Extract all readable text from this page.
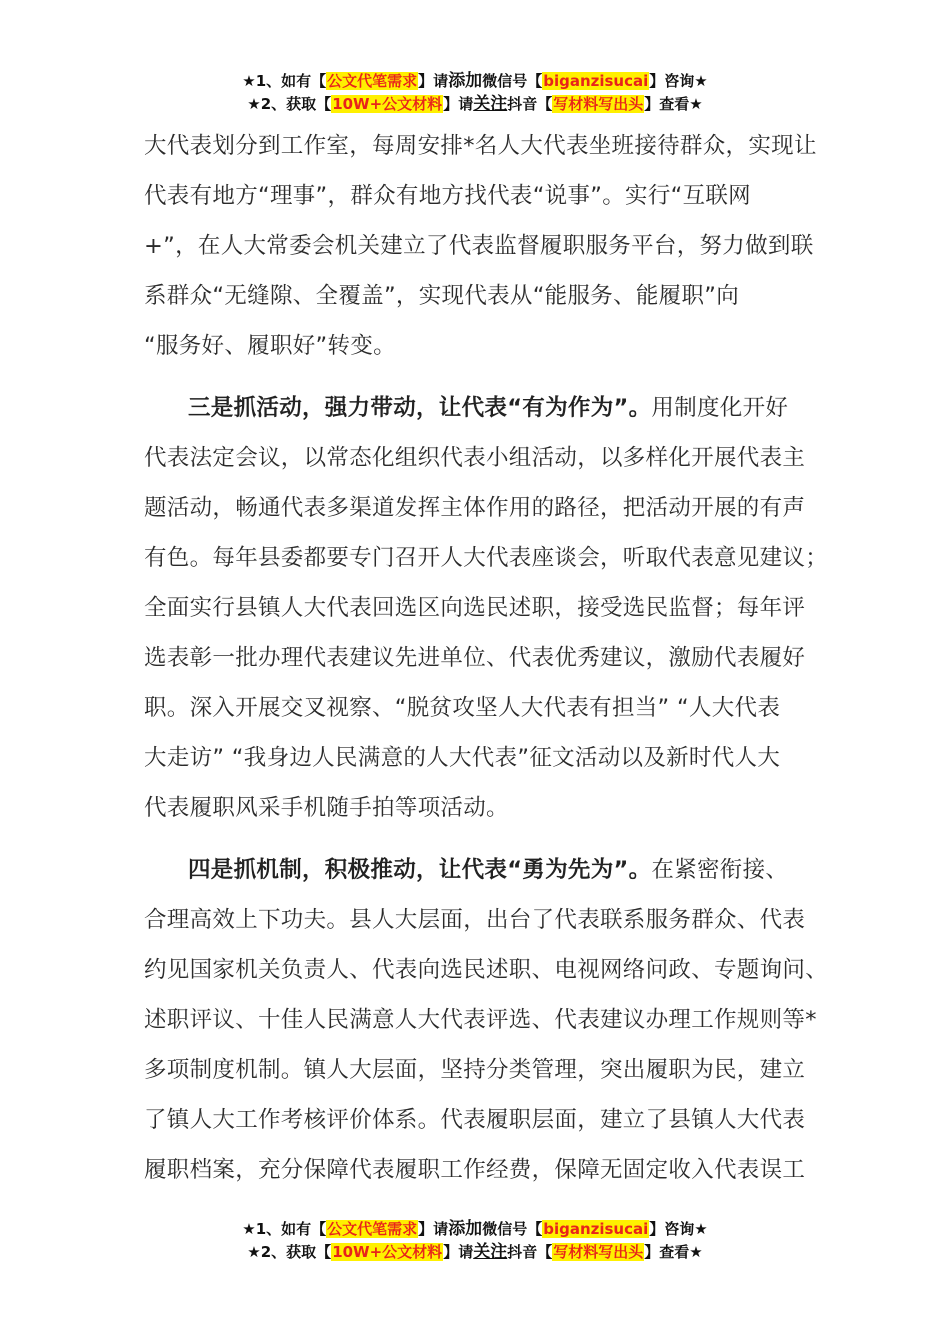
★1、如有【公文代笔需求】请添加微信号【biganzisucai】咨询★
★2、获取【10W+公文材料】请关注抖音【写材料写出头】查看★
大代表划分到工作室，每周安排*名人大代表坐班接待群众，实现让
代表有地方“理事”，群众有地方找代表“说事”。实行“互联网
+”，在人大常委会机关建立了代表监督履职服务平台，努力做到联
系群众“无缝隙、全覆盖”，实现代表从“能服务、能履职”向
“服务好、履职好”转变。
三是抓活动，强力带动，让代表“有为作为”。用制度化开好
代表法定会议，以常态化组织代表小组活动，以多样化开展代表主
题活动，畅通代表多渠道发挥主体作用的路径，把活动开展的有声
有色。每年县委都要专门召开人大代表座谈会，听取代表意见建议；
全面实行县镇人大代表回选区向选民述职，接受选民监督；每年评
选表彰一批办理代表建议先进单位、代表优秀建议，激励代表履好
职。深入开展交叉视察、“脱贫攻坚人大代表有担当” “人大代表
大走访” “我身边人民满意的人大代表”征文活动以及新时代人大
代表履职风采手机随手拍等项活动。
四是抓机制，积极推动，让代表“勇为先为”。在紧密衔接、
合理高效上下功夫。县人大层面，出台了代表联系服务群众、代表
约见国家机关负责人、代表向选民述职、电视网络问政、专题询问、
述职评议、十佳人民满意人大代表评选、代表建议办理工作规则等*
多项制度机制。镇人大层面，坚持分类管理，突出履职为民，建立
了镇人大工作考核评价体系。代表履职层面，建立了县镇人大代表
履职档案，充分保障代表履职工作经费，保障无固定收入代表误工
★1、如有【公文代笔需求】请添加微信号【biganzisucai】咨询★
★2、获取【10W+公文材料】请关注抖音【写材料写出头】查看★
